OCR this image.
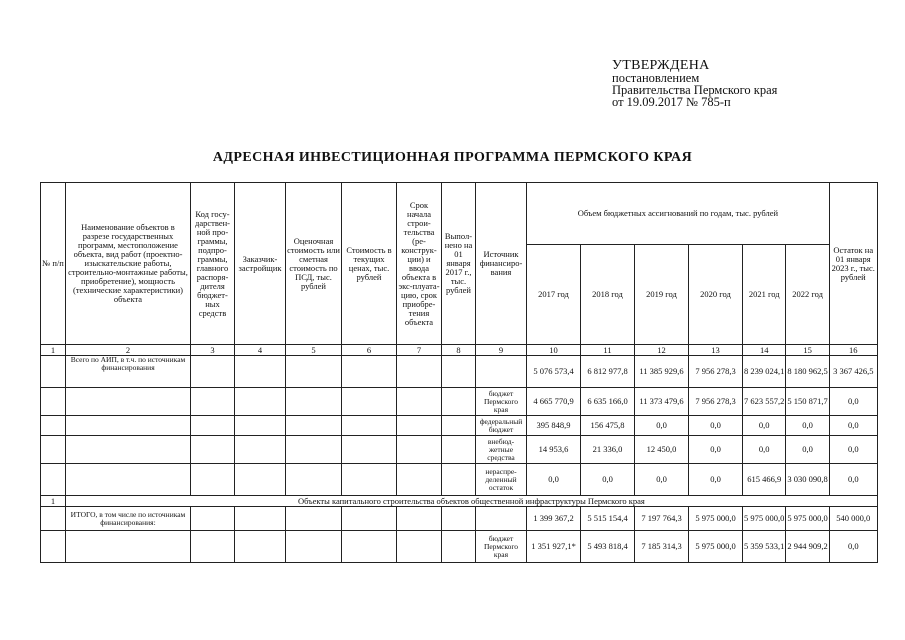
УТВЕРЖДЕНА
постановлением
Правительства Пермского края
от 19.09.2017 № 785-п
АДРЕСНАЯ ИНВЕСТИЦИОННАЯ ПРОГРАММА ПЕРМСКОГО КРАЯ
№ п/п	Наименование объектов в разрезе государственных программ, местоположение объекта, вид работ (проектно-изыскательские работы, строительно-монтажные работы, приобретение), мощность (технические характеристики) объекта	Код госу-дарствен-ной про-граммы, подпро-граммы, главного распоря-дителя бюджет-ных средств	Заказчик-застройщик	Оценочная стоимость или сметная стоимость по ПСД, тыс. рублей	Стоимость в текущих ценах, тыс. рублей	Срок начала строи-тельства (ре-конструк-ции) и ввода объекта в экс-плуата-цию, срок приобре-тения объекта	Выпол-нено на 01 января 2017 г., тыс. рублей	Источник финансиро-вания	Объем бюджетных ассигнований по годам, тыс. рублей						Остаток на 01 января 2023 г., тыс. рублей
									2017 год	2018 год	2019 год	2020 год	2021 год	2022 год	
1	2	3	4	5	6	7	8	9	10	11	12	13	14	15	16
	Всего по АИП, в т.ч. по источникам финансирования								5 076 573,4	6 812 977,8	11 385 929,6	7 956 278,3	8 239 024,1	8 180 962,5	3 367 426,5
								бюджет Пермского края	4 665 770,9	6 635 166,0	11 373 479,6	7 956 278,3	7 623 557,2	5 150 871,7	0,0
								федеральный бюджет	395 848,9	156 475,8	0,0	0,0	0,0	0,0	0,0
								внебюд-жетные средства	14 953,6	21 336,0	12 450,0	0,0	0,0	0,0	0,0
								нераспре-деленный остаток	0,0	0,0	0,0	0,0	615 466,9	3 030 090,8	0,0
1	Объекты капитального строительства объектов общественной инфраструктуры Пермского края														
	ИТОГО, в том числе по источникам финансирования:								1 399 367,2	5 515 154,4	7 197 764,3	5 975 000,0	5 975 000,0	5 975 000,0	540 000,0
								бюджет Пермского края	1 351 927,1*	5 493 818,4	7 185 314,3	5 975 000,0	5 359 533,1	2 944 909,2	0,0
